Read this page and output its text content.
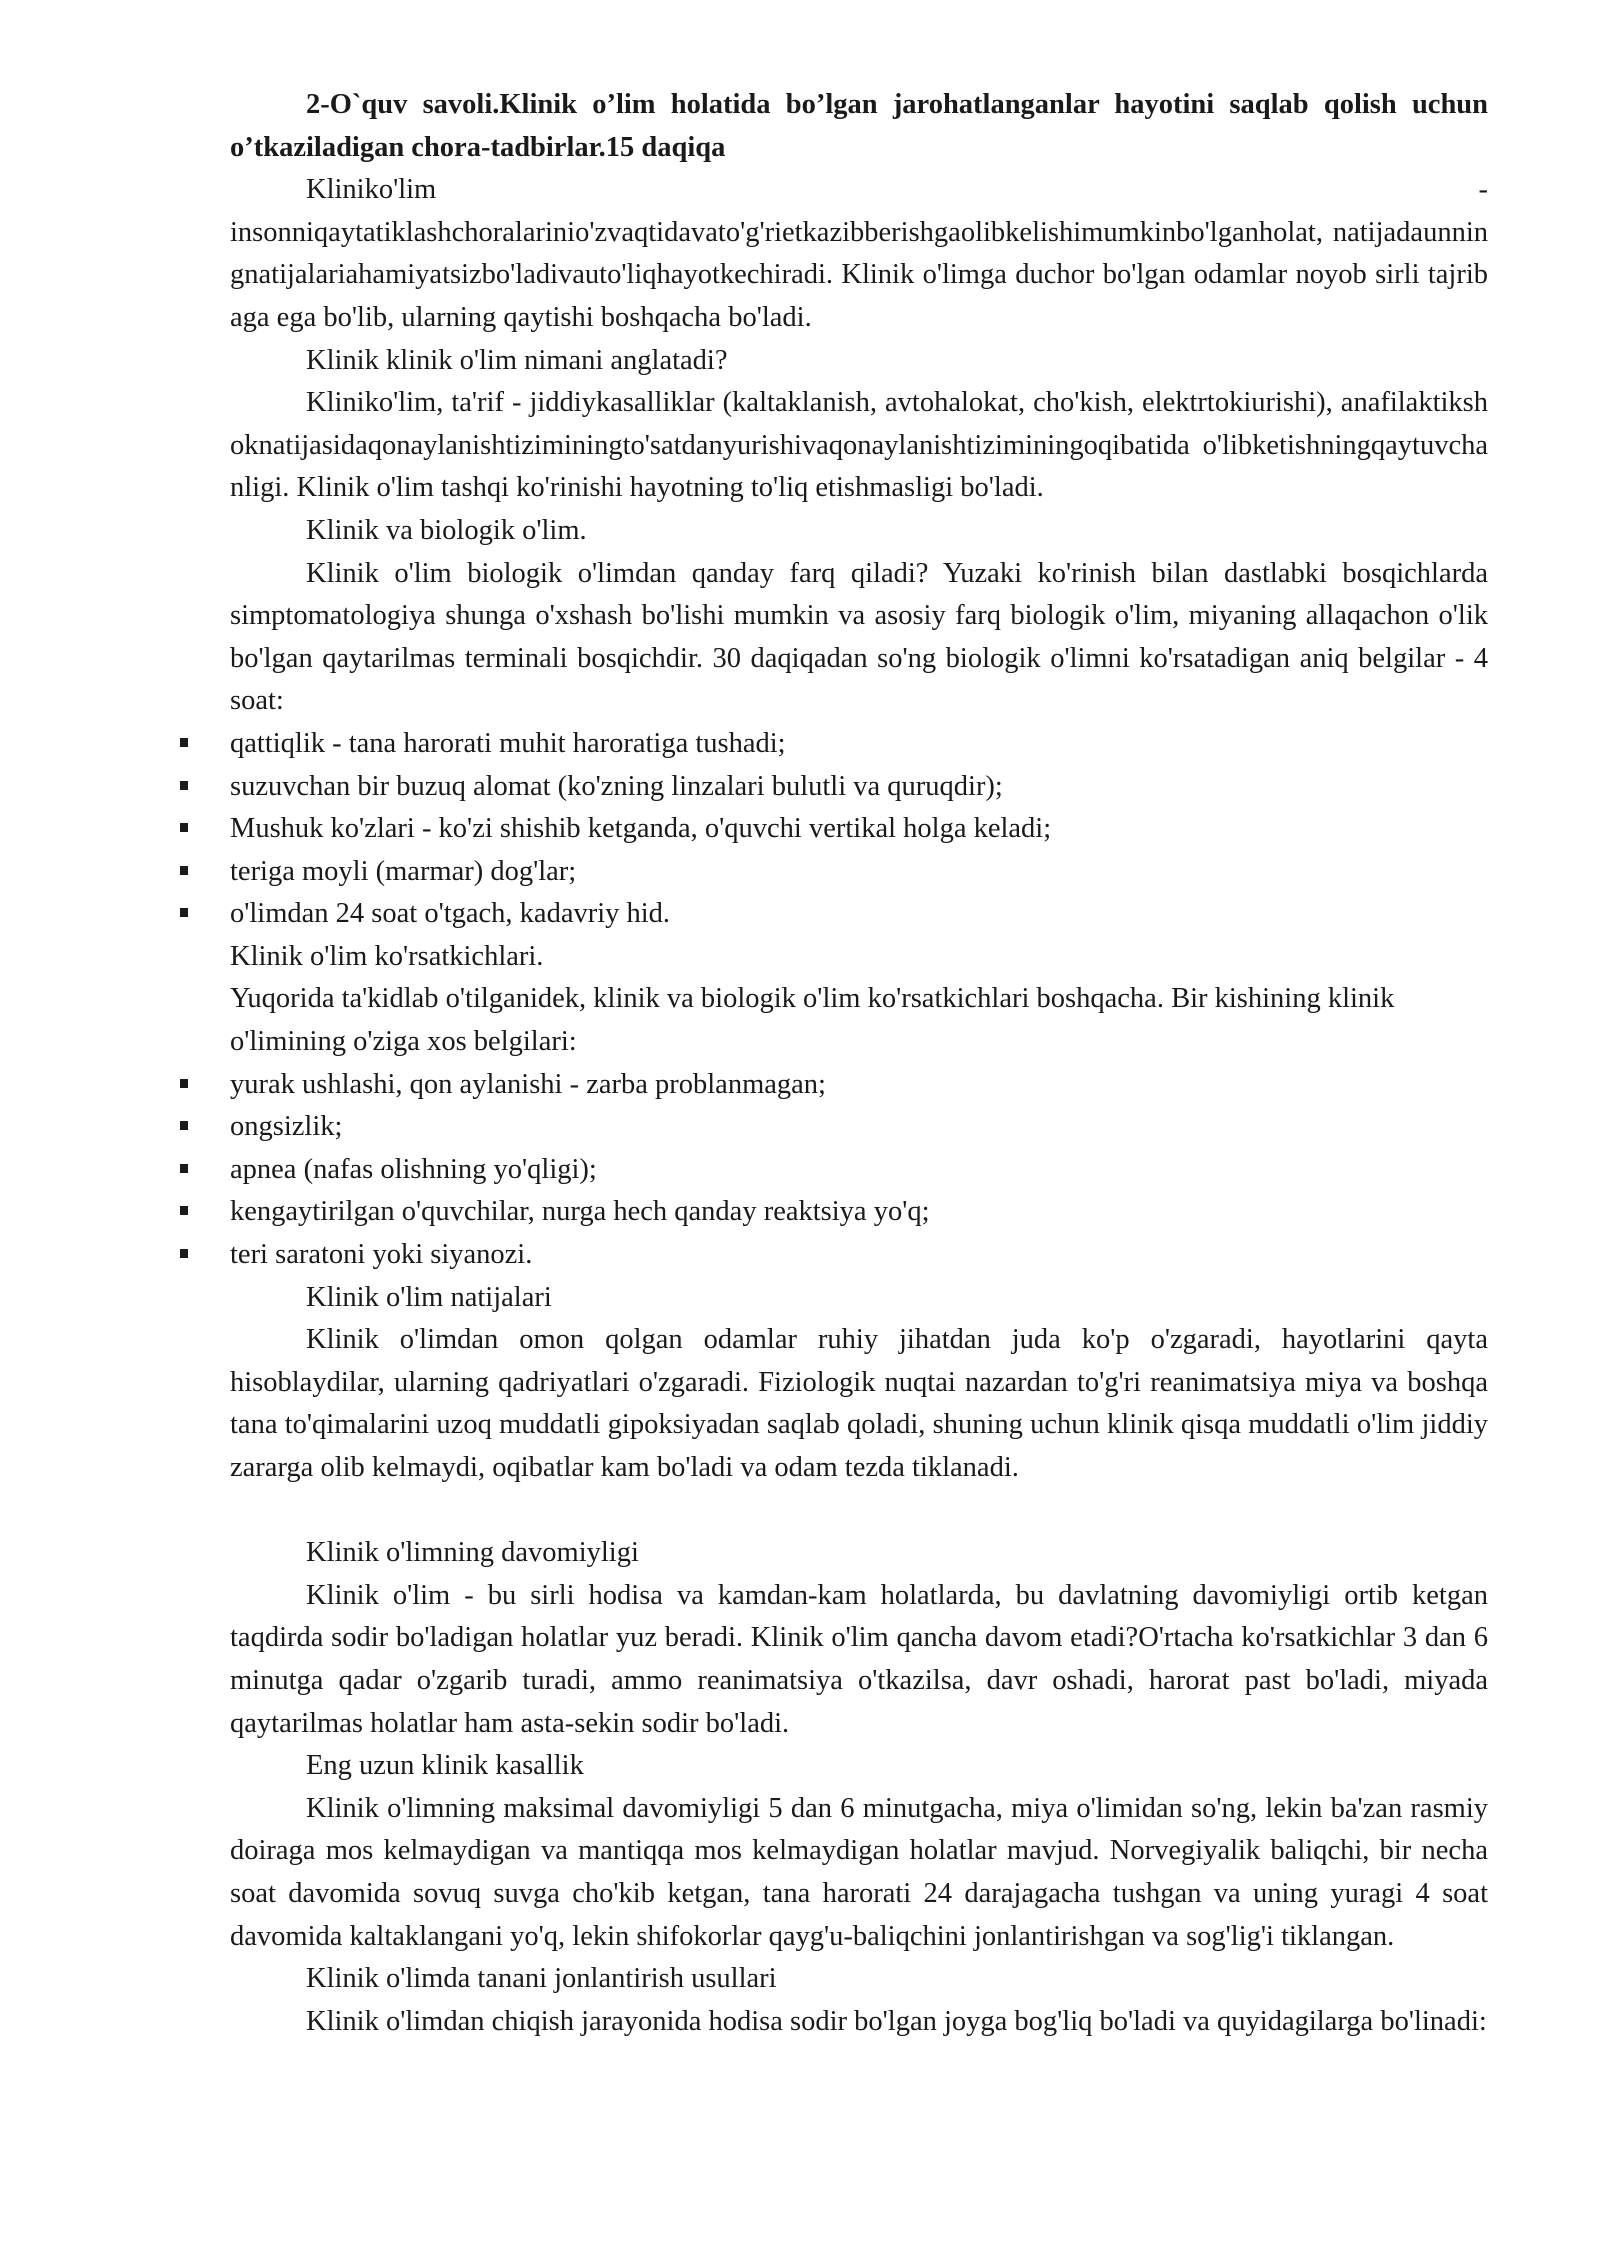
2-O`quv savoli.Klinik o’lim holatida bo’lgan jarohatlanganlar hayotini saqlab qolish uchun o’tkaziladigan chora-tadbirlar.15 daqiqa

Kliniko'lim	-

insonniqaytatiklashchoralarinio'zvaqtidavato'g'rietkazibberishgaolibkelishimumkinbo'lganholat, natijadaunningnatijalariahamiyatsizbo'ladivauto'liqhayotkechiradi. Klinik o'limga duchor bo'lgan odamlar noyob sirli tajribaga ega bo'lib, ularning qaytishi boshqacha bo'ladi.

Klinik klinik o'lim nimani anglatadi?

Kliniko'lim, ta'rif - jiddiykasalliklar (kaltaklanish, avtohalokat, cho'kish, elektrtokiurishi), anafilaktikshoknatijasidaqonaylanishtiziminingto'satdanyurishivaqonaylanishtiziminingoqibatida o'libketishningqaytuvchanligi. Klinik o'lim tashqi ko'rinishi hayotning to'liq etishmasligi bo'ladi.

Klinik va biologik o'lim.

Klinik o'lim biologik o'limdan qanday farq qiladi? Yuzaki ko'rinish bilan dastlabki bosqichlarda simptomatologiya shunga o'xshash bo'lishi mumkin va asosiy farq biologik o'lim, miyaning allaqachon o'lik bo'lgan qaytarilmas terminali bosqichdir. 30 daqiqadan so'ng biologik o'limni ko'rsatadigan aniq belgilar - 4 soat:

qattiqlik - tana harorati muhit haroratiga tushadi;
suzuvchan bir buzuq alomat (ko'zning linzalari bulutli va quruqdir);
Mushuk ko'zlari - ko'zi shishib ketganda, o'quvchi vertikal holga keladi;
teriga moyli (marmar) dog'lar;
o'limdan 24 soat o'tgach, kadavriy hid.

Klinik o'lim ko'rsatkichlari.

Yuqorida ta'kidlab o'tilganidek, klinik va biologik o'lim ko'rsatkichlari boshqacha. Bir kishining klinik o'limining o'ziga xos belgilari:

yurak ushlashi, qon aylanishi - zarba problanmagan;
ongsizlik;
apnea (nafas olishning yo'qligi);
kengaytirilgan o'quvchilar, nurga hech qanday reaktsiya yo'q;
teri saratoni yoki siyanozi.

Klinik o'lim natijalari

Klinik o'limdan omon qolgan odamlar ruhiy jihatdan juda ko'p o'zgaradi, hayotlarini qayta hisoblaydilar, ularning qadriyatlari o'zgaradi. Fiziologik nuqtai nazardan to'g'ri reanimatsiya miya va boshqa tana to'qimalarini uzoq muddatli gipoksiyadan saqlab qoladi, shuning uchun klinik qisqa muddatli o'lim jiddiy zararga olib kelmaydi, oqibatlar kam bo'ladi va odam tezda tiklanadi.

Klinik o'limning davomiyligi

Klinik o'lim - bu sirli hodisa va kamdan-kam holatlarda, bu davlatning davomiyligi ortib ketgan taqdirda sodir bo'ladigan holatlar yuz beradi. Klinik o'lim qancha davom etadi?O'rtacha ko'rsatkichlar 3 dan 6 minutga qadar o'zgarib turadi, ammo reanimatsiya o'tkazilsa, davr oshadi, harorat past bo'ladi, miyada qaytarilmas holatlar ham asta-sekin sodir bo'ladi.

Eng uzun klinik kasallik

Klinik o'limning maksimal davomiyligi 5 dan 6 minutgacha, miya o'limidan so'ng, lekin ba'zan rasmiy doiraga mos kelmaydigan va mantiqqa mos kelmaydigan holatlar mavjud. Norvegiyalik baliqchi, bir necha soat davomida sovuq suvga cho'kib ketgan, tana harorati 24 darajagacha tushgan va uning yuragi 4 soat davomida kaltaklangani yo'q, lekin shifokorlar qayg'u-baliqchini jonlantirishgan va sog'lig'i tiklangan.

Klinik o'limda tanani jonlantirish usullari

Klinik o'limdan chiqish jarayonida hodisa sodir bo'lgan joyga bog'liq bo'ladi va quyidagilarga bo'linadi:
